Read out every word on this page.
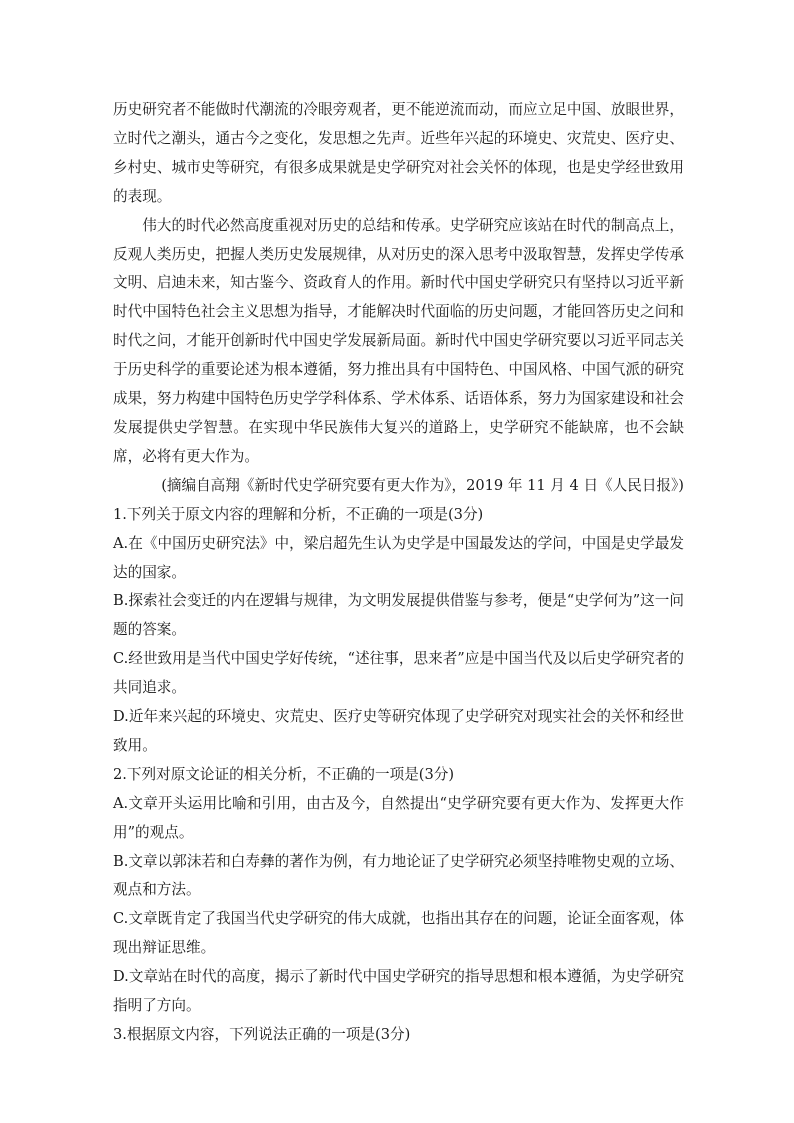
历史研究者不能做时代潮流的冷眼旁观者，更不能逆流而动，而应立足中国、放眼世界，立时代之潮头，通古今之变化，发思想之先声。近些年兴起的环境史、灾荒史、医疗史、乡村史、城市史等研究，有很多成果就是史学研究对社会关怀的体现，也是史学经世致用的表现。

伟大的时代必然高度重视对历史的总结和传承。史学研究应该站在时代的制高点上，反观人类历史，把握人类历史发展规律，从对历史的深入思考中汲取智慧，发挥史学传承文明、启迪未来，知古鉴今、资政育人的作用。新时代中国史学研究只有坚持以习近平新时代中国特色社会主义思想为指导，才能解决时代面临的历史问题，才能回答历史之问和时代之问，才能开创新时代中国史学发展新局面。新时代中国史学研究要以习近平同志关于历史科学的重要论述为根本遵循，努力推出具有中国特色、中国风格、中国气派的研究成果，努力构建中国特色历史学学科体系、学术体系、话语体系，努力为国家建设和社会发展提供史学智慧。在实现中华民族伟大复兴的道路上，史学研究不能缺席，也不会缺席，必将有更大作为。

(摘编自高翔《新时代史学研究要有更大作为》，2019 年 11 月 4 日《人民日报》)

1.下列关于原文内容的理解和分析，不正确的一项是(3分)

A.在《中国历史研究法》中，梁启超先生认为史学是中国最发达的学问，中国是史学最发达的国家。

B.探索社会变迁的内在逻辑与规律，为文明发展提供借鉴与参考，便是“史学何为”这一问题的答案。

C.经世致用是当代中国史学好传统，“述往事，思来者”应是中国当代及以后史学研究者的共同追求。

D.近年来兴起的环境史、灾荒史、医疗史等研究体现了史学研究对现实社会的关怀和经世致用。

2.下列对原文论证的相关分析，不正确的一项是(3分)

A.文章开头运用比喻和引用，由古及今，自然提出“史学研究要有更大作为、发挥更大作用”的观点。

B.文章以郭沫若和白寿彝的著作为例，有力地论证了史学研究必须坚持唯物史观的立场、观点和方法。

C.文章既肯定了我国当代史学研究的伟大成就，也指出其存在的问题，论证全面客观，体现出辩证思维。

D.文章站在时代的高度，揭示了新时代中国史学研究的指导思想和根本遵循，为史学研究指明了方向。

3.根据原文内容，下列说法正确的一项是(3分)
